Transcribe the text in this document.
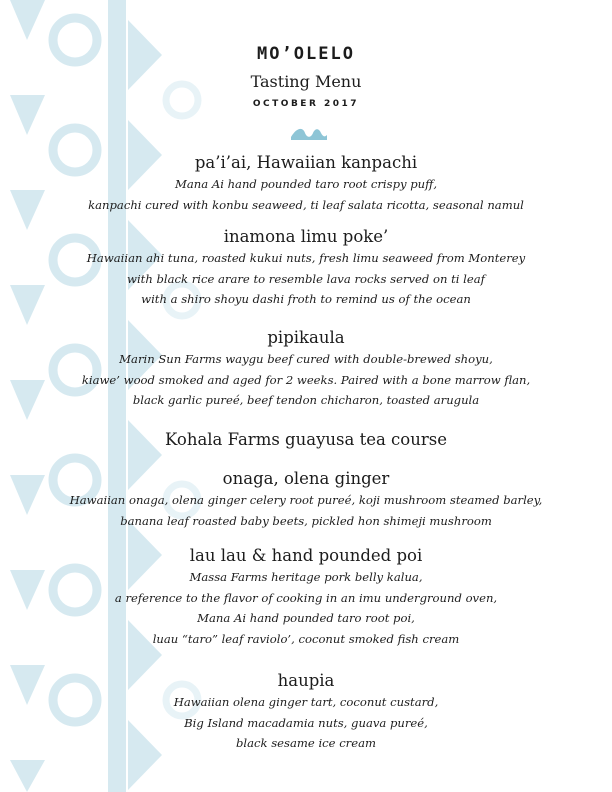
MO’OLELO
Tasting Menu
OCTOBER 2017

pa’i’ai, Hawaiian kanpachi

Mana Ai hand pounded taro root crispy puff,

kanpachi cured with konbu seaweed, ti leaf salata ricotta, seasonal namul

inamona limu poke’

Hawaiian ahi tuna, roasted kukui nuts, fresh limu seaweed from Monterey

with black rice arare to resemble lava rocks served on ti leaf

with a shiro shoyu dashi froth to remind us of the ocean

pipikaula

Marin Sun Farms waygu beef cured with double-brewed shoyu,

kiawe’ wood smoked and aged for 2 weeks. Paired with a bone marrow flan,

black garlic pureé, beef tendon chicharon, toasted arugula

Kohala Farms guayusa tea course

onaga, olena ginger

Hawaiian onaga, olena ginger celery root pureé, koji mushroom steamed barley,

banana leaf roasted baby beets, pickled hon shimeji mushroom

lau lau & hand pounded poi

Massa Farms heritage pork belly kalua,

a reference to the flavor of cooking in an imu underground oven,

Mana Ai hand pounded taro root poi,

luau “taro” leaf raviolo’, coconut smoked fish cream

haupia

Hawaiian olena ginger tart, coconut custard,

Big Island macadamia nuts, guava pureé,

black sesame ice cream
